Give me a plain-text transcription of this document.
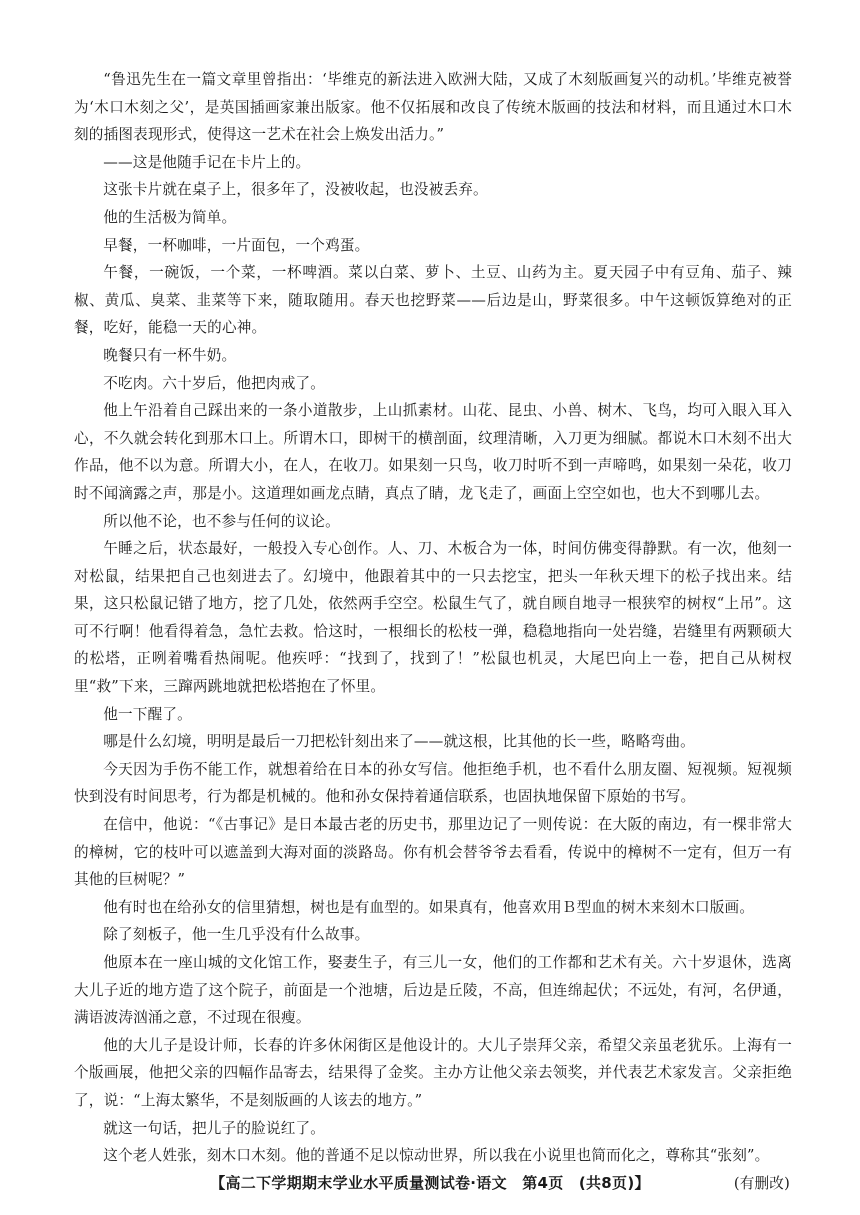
“鲁迅先生在一篇文章里曾指出：‘毕维克的新法进入欧洲大陆，又成了木刻版画复兴的动机。’毕维克被誉为‘木口木刻之父’，是英国插画家兼出版家。他不仅拓展和改良了传统木版画的技法和材料，而且通过木口木刻的插图表现形式，使得这一艺术在社会上焕发出活力。”

——这是他随手记在卡片上的。

这张卡片就在桌子上，很多年了，没被收起，也没被丢弃。

他的生活极为简单。

早餐，一杯咖啡，一片面包，一个鸡蛋。

午餐，一碗饭，一个菜，一杯啤酒。菜以白菜、萝卜、土豆、山药为主。夏天园子中有豆角、茄子、辣椒、黄瓜、臭菜、韭菜等下来，随取随用。春天也挖野菜——后边是山，野菜很多。中午这顿饭算绝对的正餐，吃好，能稳一天的心神。

晚餐只有一杯牛奶。

不吃肉。六十岁后，他把肉戒了。

他上午沿着自己踩出来的一条小道散步，上山抓素材。山花、昆虫、小兽、树木、飞鸟，均可入眼入耳入心，不久就会转化到那木口上。所谓木口，即树干的横剖面，纹理清晰，入刀更为细腻。都说木口木刻不出大作品，他不以为意。所谓大小，在人，在收刀。如果刻一只鸟，收刀时听不到一声啼鸣，如果刻一朵花，收刀时不闻滴露之声，那是小。这道理如画龙点睛，真点了睛，龙飞走了，画面上空空如也，也大不到哪儿去。

所以他不论，也不参与任何的议论。

午睡之后，状态最好，一般投入专心创作。人、刀、木板合为一体，时间仿佛变得静默。有一次，他刻一对松鼠，结果把自己也刻进去了。幻境中，他跟着其中的一只去挖宝，把头一年秋天埋下的松子找出来。结果，这只松鼠记错了地方，挖了几处，依然两手空空。松鼠生气了，就自顾自地寻一根狭窄的树杈“上吊”。这可不行啊！他看得着急，急忙去救。恰这时，一根细长的松枝一弹，稳稳地指向一处岩缝，岩缝里有两颗硕大的松塔，正咧着嘴看热闹呢。他疾呼：“找到了，找到了！”松鼠也机灵，大尾巴向上一卷，把自己从树杈里“救”下来，三蹿两跳地就把松塔抱在了怀里。

他一下醒了。

哪是什么幻境，明明是最后一刀把松针刻出来了——就这根，比其他的长一些，略略弯曲。

今天因为手伤不能工作，就想着给在日本的孙女写信。他拒绝手机，也不看什么朋友圈、短视频。短视频快到没有时间思考，行为都是机械的。他和孙女保持着通信联系，也固执地保留下原始的书写。

在信中，他说：“《古事记》是日本最古老的历史书，那里边记了一则传说：在大阪的南边，有一棵非常大的樟树，它的枝叶可以遮盖到大海对面的淡路岛。你有机会替爷爷去看看，传说中的樟树不一定有，但万一有其他的巨树呢？”

他有时也在给孙女的信里猜想，树也是有血型的。如果真有，他喜欢用Ｂ型血的树木来刻木口版画。

除了刻板子，他一生几乎没有什么故事。

他原本在一座山城的文化馆工作，娶妻生子，有三儿一女，他们的工作都和艺术有关。六十岁退休，选离大儿子近的地方造了这个院子，前面是一个池塘，后边是丘陵，不高，但连绵起伏；不远处，有河，名伊通，满语波涛汹涌之意，不过现在很瘦。

他的大儿子是设计师，长春的许多休闲街区是他设计的。大儿子崇拜父亲，希望父亲虽老犹乐。上海有一个版画展，他把父亲的四幅作品寄去，结果得了金奖。主办方让他父亲去领奖，并代表艺术家发言。父亲拒绝了，说：“上海太繁华，不是刻版画的人该去的地方。”

就这一句话，把儿子的脸说红了。

这个老人姓张，刻木口木刻。他的普通不足以惊动世界，所以我在小说里也简而化之，尊称其“张刻”。

(有删改)

【高二下学期期末学业水平质量测试卷·语文　第4页　(共8页)】
